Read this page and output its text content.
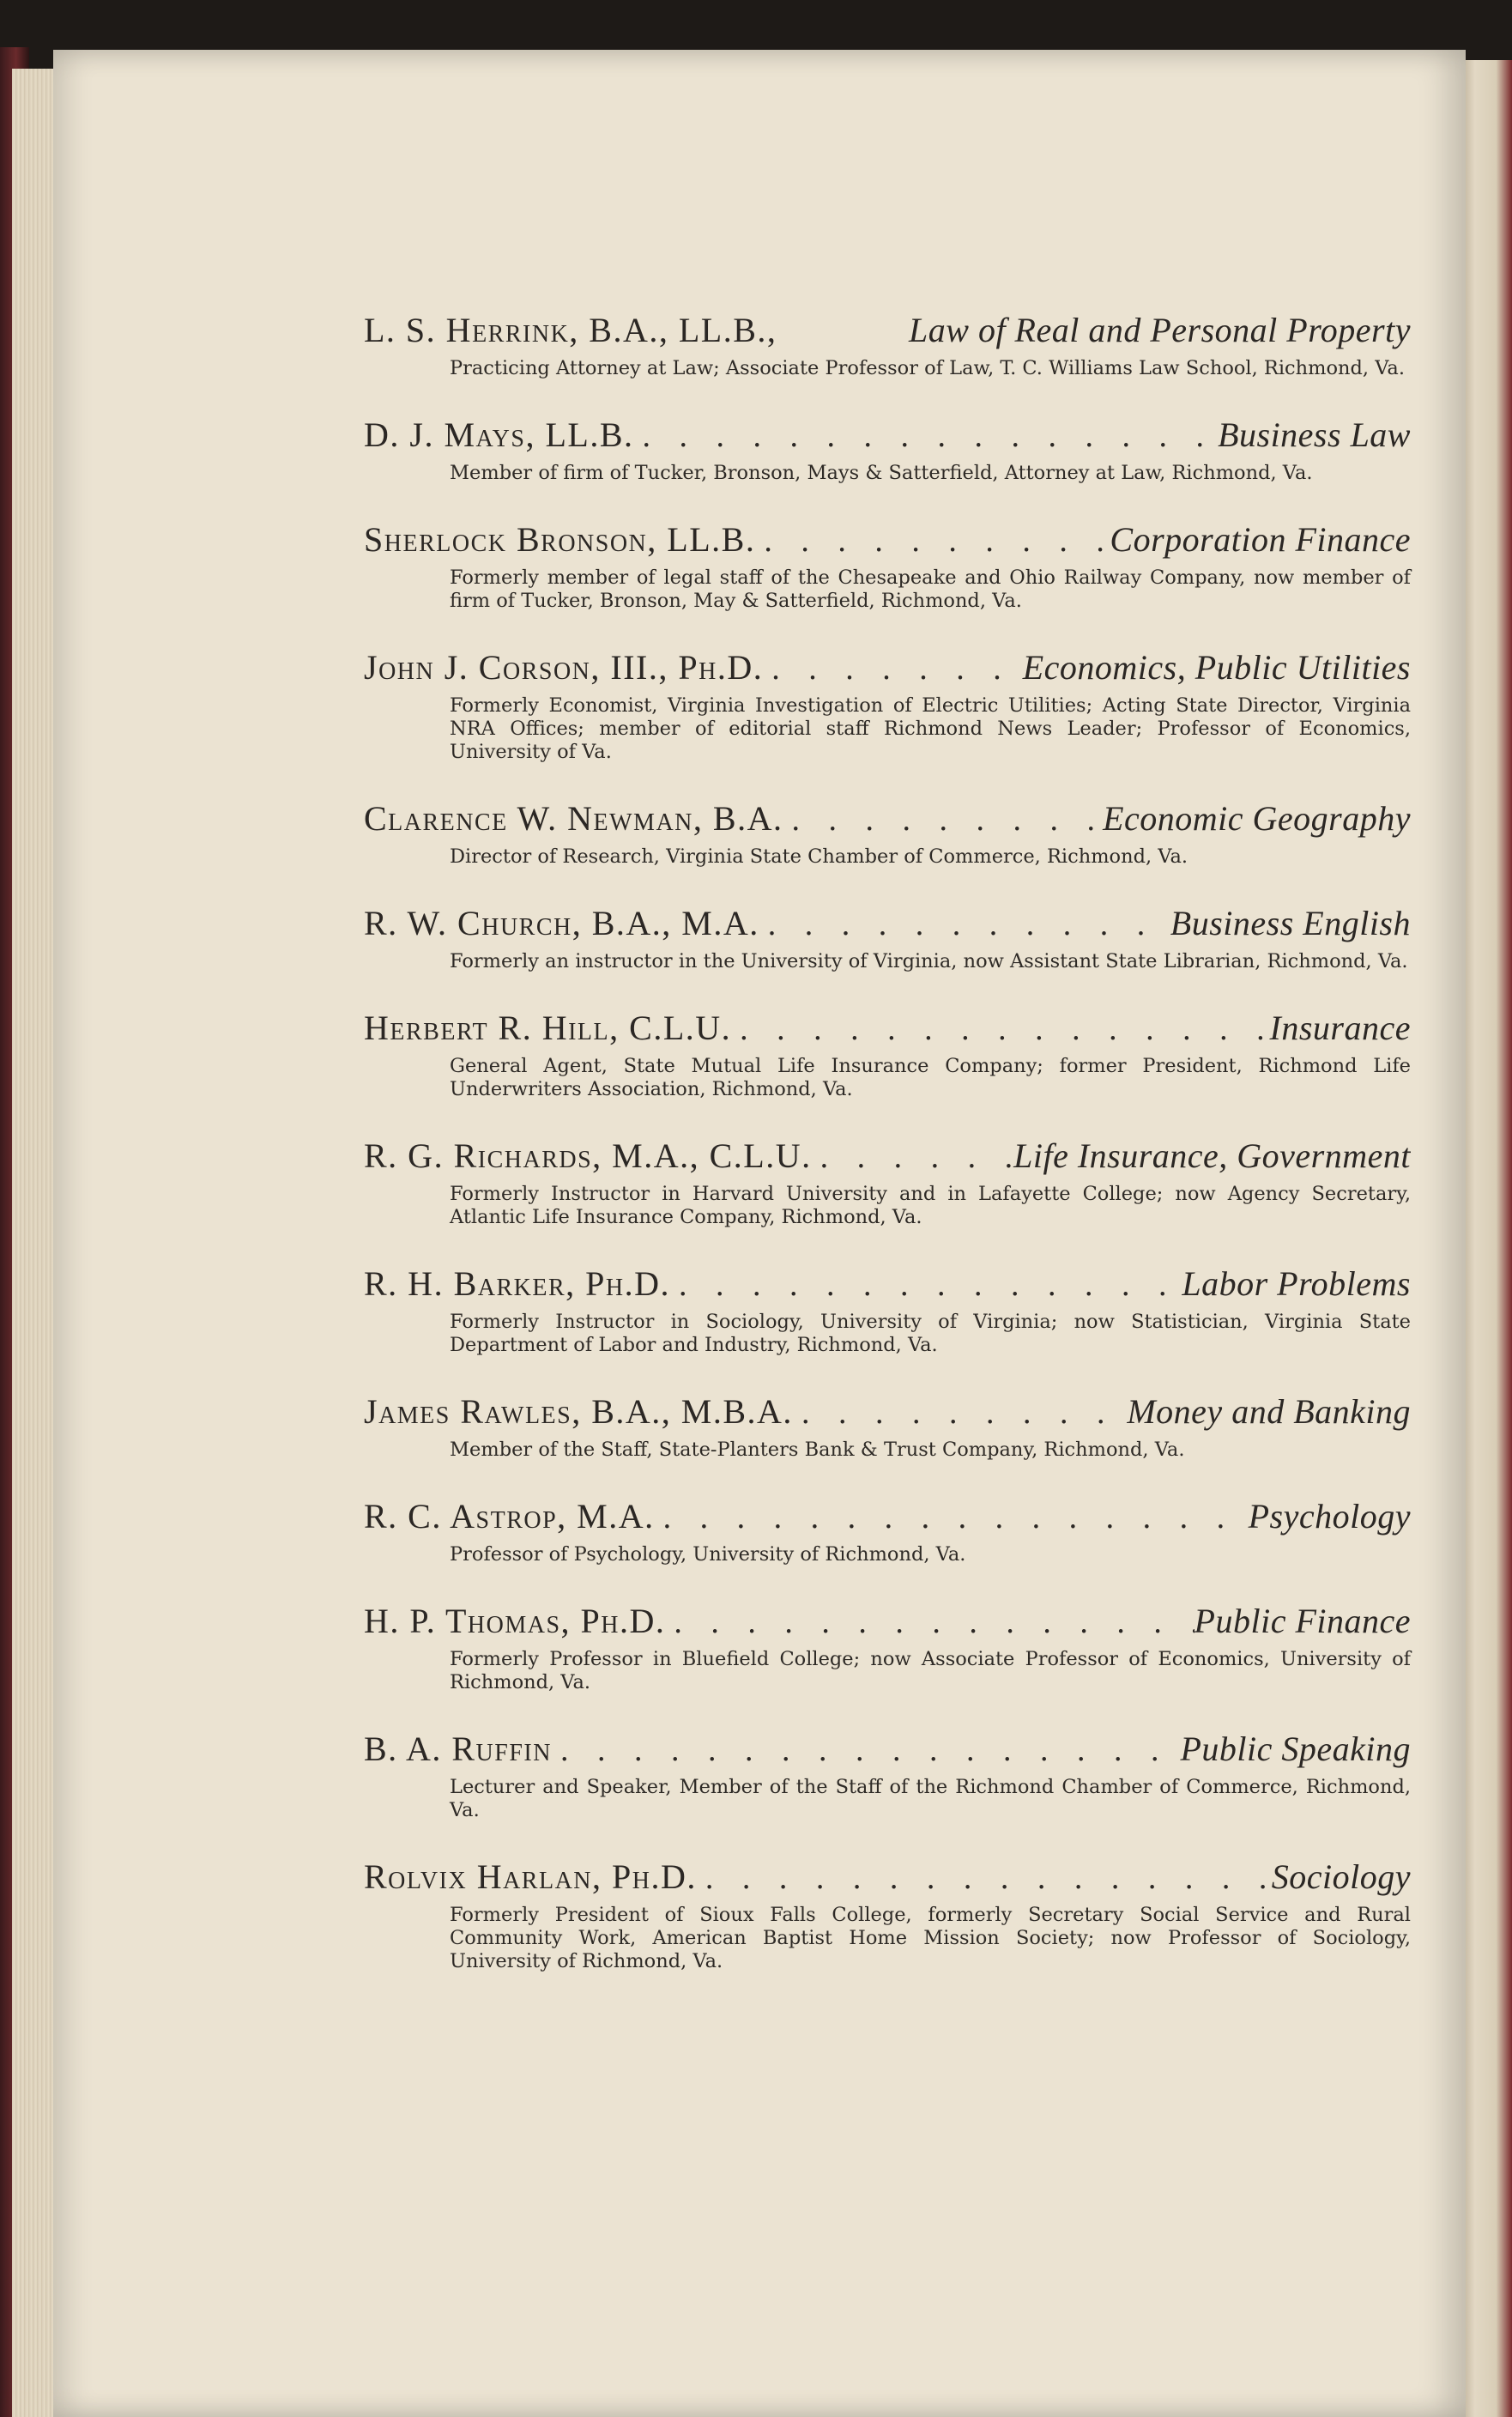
L. S. Herrink, B.A., LL.B.,	Law of Real and Personal Property
Practicing Attorney at Law; Associate Professor of Law, T. C. Williams Law School, Richmond, Va.
D. J. Mays, LL.B. . . .	Business Law
Member of firm of Tucker, Bronson, Mays & Satterfield, Attorney at Law, Richmond, Va.
Sherlock Bronson, LL.B. . . .	Corporation Finance
Formerly member of legal staff of the Chesapeake and Ohio Railway Company, now member of firm of Tucker, Bronson, May & Satterfield, Richmond, Va.
John J. Corson, III., Ph.D. . . .	Economics, Public Utilities
Formerly Economist, Virginia Investigation of Electric Utilities; Acting State Director, Virginia NRA Offices; member of editorial staff Richmond News Leader; Professor of Economics, University of Va.
Clarence W. Newman, B.A. . . .	Economic Geography
Director of Research, Virginia State Chamber of Commerce, Richmond, Va.
R. W. Church, B.A., M.A. . . .	Business English
Formerly an instructor in the University of Virginia, now Assistant State Librarian, Richmond, Va.
Herbert R. Hill, C.L.U. . . .	Insurance
General Agent, State Mutual Life Insurance Company; former President, Richmond Life Underwriters Association, Richmond, Va.
R. G. Richards, M.A., C.L.U. . . .	Life Insurance, Government
Formerly Instructor in Harvard University and in Lafayette College; now Agency Secretary, Atlantic Life Insurance Company, Richmond, Va.
R. H. Barker, Ph.D. . . .	Labor Problems
Formerly Instructor in Sociology, University of Virginia; now Statistician, Virginia State Department of Labor and Industry, Richmond, Va.
James Rawles, B.A., M.B.A. . . .	Money and Banking
Member of the Staff, State-Planters Bank & Trust Company, Richmond, Va.
R. C. Astrop, M.A. . . .	Psychology
Professor of Psychology, University of Richmond, Va.
H. P. Thomas, Ph.D. . . .	Public Finance
Formerly Professor in Bluefield College; now Associate Professor of Economics, University of Richmond, Va.
B. A. Ruffin . . .	Public Speaking
Lecturer and Speaker, Member of the Staff of the Richmond Chamber of Commerce, Richmond, Va.
Rolvix Harlan, Ph.D. . . .	Sociology
Formerly President of Sioux Falls College, formerly Secretary Social Service and Rural Community Work, American Baptist Home Mission Society; now Professor of Sociology, University of Richmond, Va.
